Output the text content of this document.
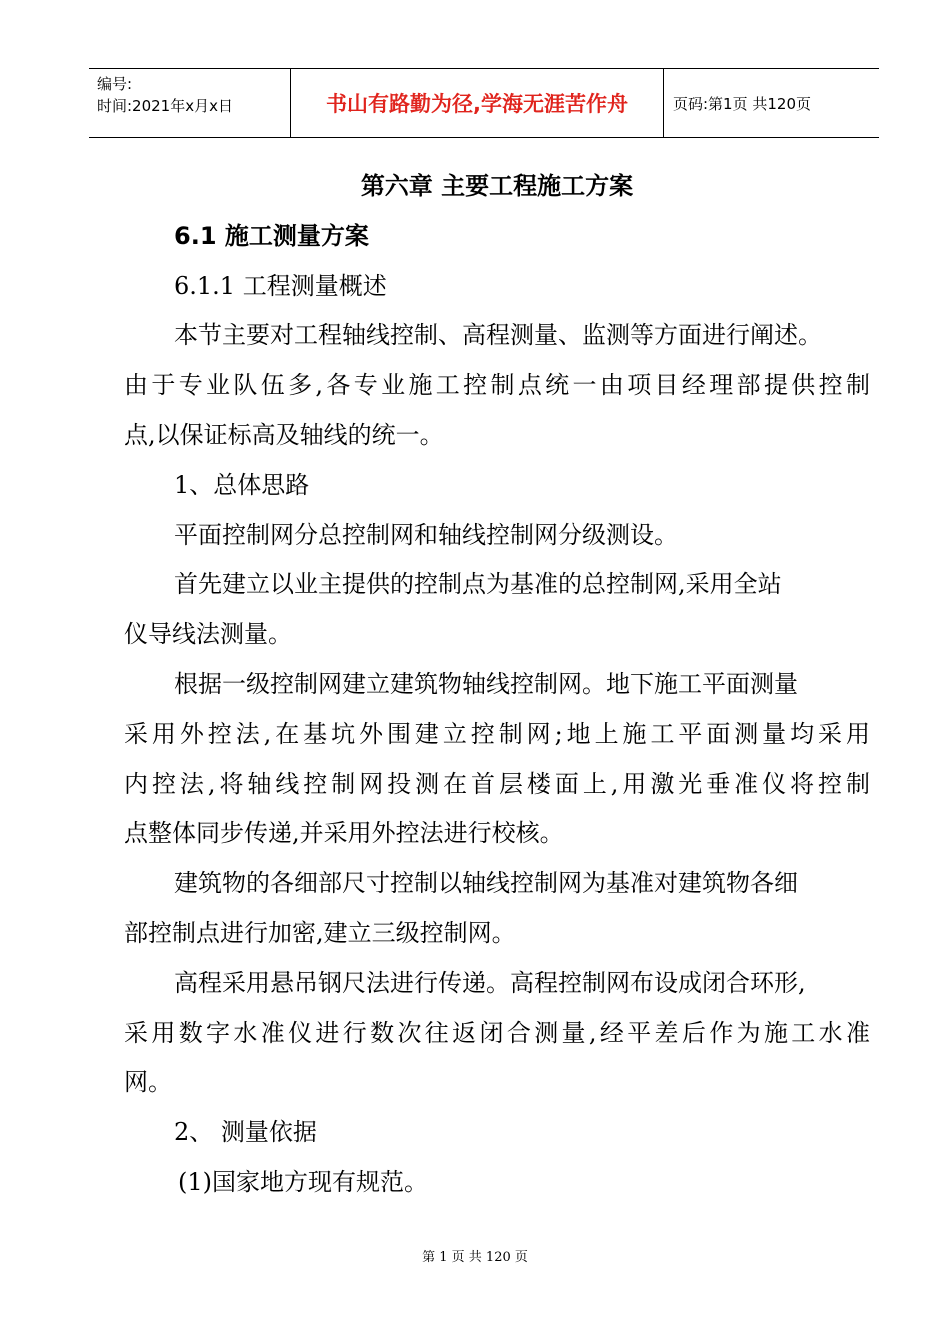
编号:
时间:2021年x月x日	书山有路勤为径,学海无涯苦作舟	页码:第1页 共120页
第六章 主要工程施工方案
6.1 施工测量方案
6.1.1 工程测量概述
本节主要对工程轴线控制、高程测量、监测等方面进行阐述。
由于专业队伍多,各专业施工控制点统一由项目经理部提供控制
点,以保证标高及轴线的统一。
1、总体思路
平面控制网分总控制网和轴线控制网分级测设。
首先建立以业主提供的控制点为基准的总控制网,采用全站
仪导线法测量。
根据一级控制网建立建筑物轴线控制网。地下施工平面测量
采用外控法,在基坑外围建立控制网;地上施工平面测量均采用
内控法,将轴线控制网投测在首层楼面上,用激光垂准仪将控制
点整体同步传递,并采用外控法进行校核。
建筑物的各细部尺寸控制以轴线控制网为基准对建筑物各细
部控制点进行加密,建立三级控制网。
高程采用悬吊钢尺法进行传递。高程控制网布设成闭合环形,
采用数字水准仪进行数次往返闭合测量,经平差后作为施工水准
网。
2、 测量依据
(1)国家地方现有规范。
第 1 页 共 120 页
